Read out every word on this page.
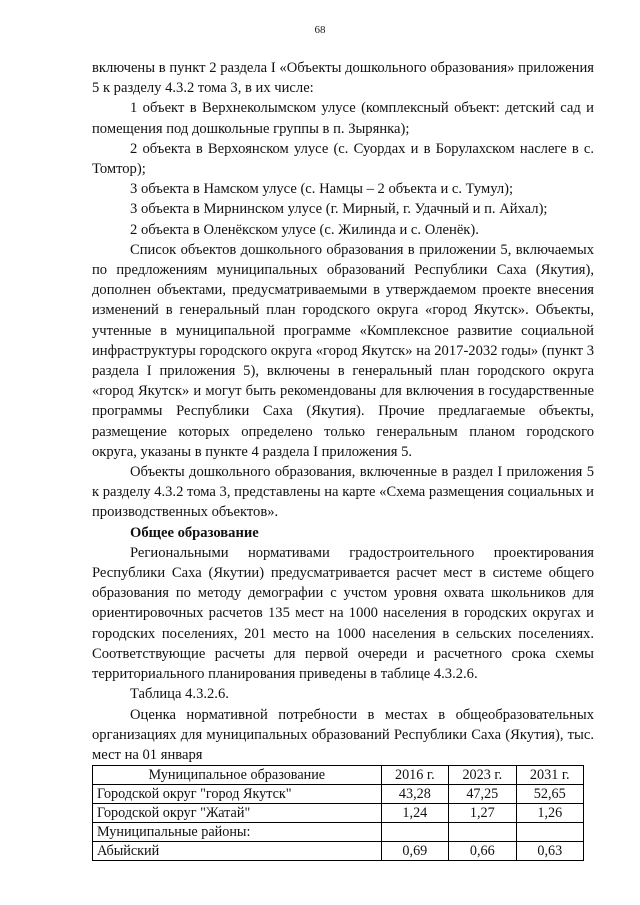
68

включены в пункт 2 раздела I «Объекты дошкольного образования» приложения 5 к разделу 4.3.2 тома 3, в их числе:

1 объект в Верхнеколымском улусе (комплексный объект: детский сад и помещения под дошкольные группы в п. Зырянка);

2 объекта в Верхоянском улусе (с. Суордах и в Борулахском наслеге в с. Томтор);

3 объекта в Намском улусе (с. Намцы – 2 объекта и с. Тумул);

3 объекта в Мирнинском улусе (г. Мирный, г. Удачный и п. Айхал);

2 объекта в Оленёкском улусе (с. Жилинда и с. Оленёк).

Список объектов дошкольного образования в приложении 5, включаемых по предложениям муниципальных образований Республики Саха (Якутия), дополнен объектами, предусматриваемыми в утверждаемом проекте внесения изменений в генеральный план городского округа «город Якутск». Объекты, учтенные в муниципальной программе «Комплексное развитие социальной инфраструктуры городского округа «город Якутск» на 2017-2032 годы» (пункт 3 раздела I приложения 5), включены в генеральный план городского округа «город Якутск» и могут быть рекомендованы для включения в государственные программы Республики Саха (Якутия). Прочие предлагаемые объекты, размещение которых определено только генеральным планом городского округа, указаны в пункте 4 раздела I приложения 5.

Объекты дошкольного образования, включенные в раздел I приложения 5 к разделу 4.3.2 тома 3, представлены на карте «Схема размещения социальных и производственных объектов».

Общее образование

Региональными нормативами градостроительного проектирования Республики Саха (Якутии) предусматривается расчет мест в системе общего образования по методу демографии с учстом уровня охвата школьников для ориентировочных расчетов 135 мест на 1000 населения в городских округах и городских поселениях, 201 место на 1000 населения в сельских поселениях. Соответствующие расчеты для первой очереди и расчетного срока схемы территориального планирования приведены в таблице 4.3.2.6.

Таблица 4.3.2.6.

Оценка нормативной потребности в местах в общеобразовательных организациях для муниципальных образований Республики Саха (Якутия), тыс. мест на 01 января

Муниципальное образование	2016 г.	2023 г.	2031 г.
Городской округ "город Якутск"	43,28	47,25	52,65
Городской округ "Жатай"	1,24	1,27	1,26
Муниципальные районы:			
Абыйский	0,69	0,66	0,63
